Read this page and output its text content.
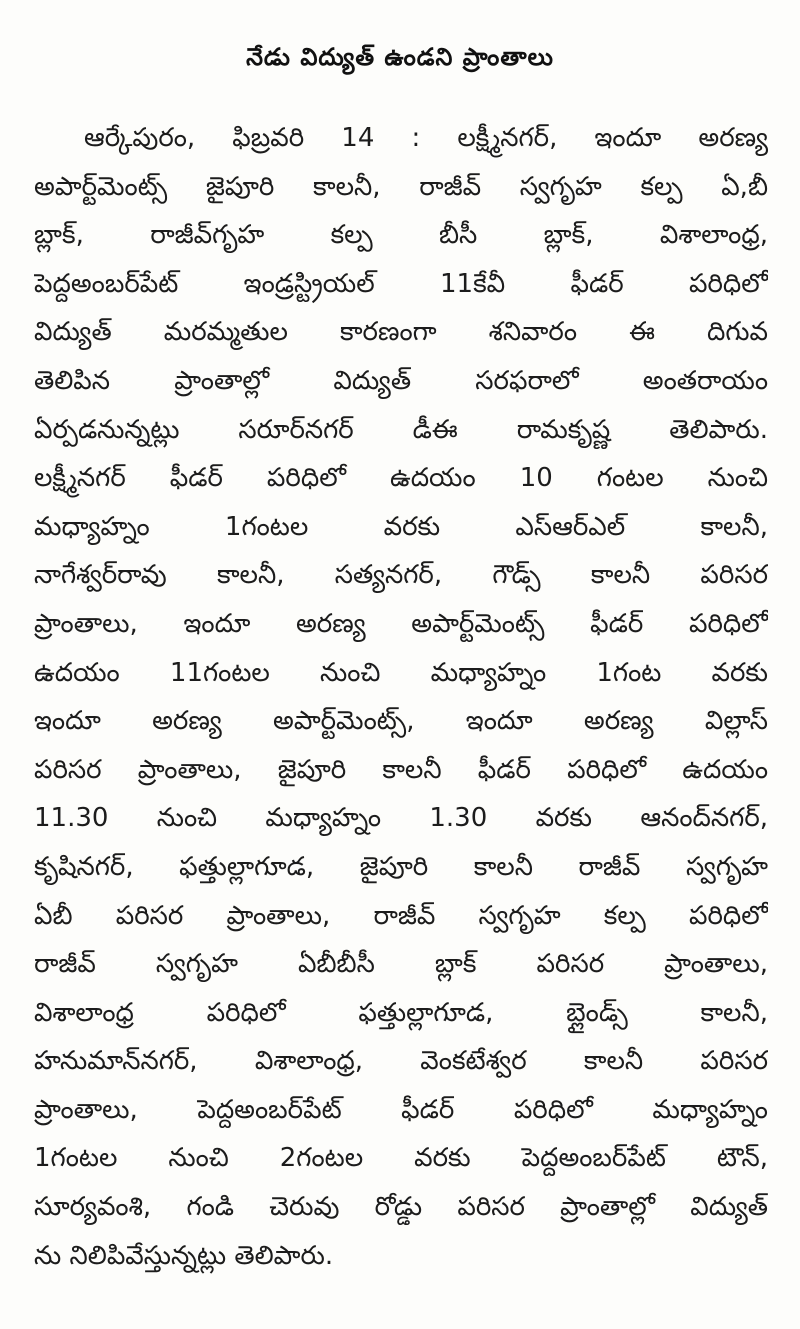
నేడు విద్యుత్ ఉండని ప్రాంతాలు
ఆర్కేపురం, ఫిబ్రవరి 14 : లక్ష్మీనగర్, ఇందూ అరణ్య
అపార్ట్‌మెంట్స్ జైపూరి కాలనీ, రాజీవ్ స్వగృహ కల్ప ఏ,బీ
బ్లాక్, రాజీవ్‌గృహ కల్ప బీసీ బ్లాక్, విశాలాంధ్ర,
పెద్దఅంబర్‌పేట్ ఇండ్రస్ట్రియల్ 11కేవీ ఫీడర్ పరిధిలో
విద్యుత్ మరమ్మతుల కారణంగా శనివారం ఈ దిగువ
తెలిపిన ప్రాంతాల్లో విద్యుత్ సరఫరాలో అంతరాయం
ఏర్పడనున్నట్లు సరూర్‌నగర్ డీఈ రామకృష్ణ తెలిపారు.
లక్ష్మీనగర్ ఫీడర్ పరిధిలో ఉదయం 10 గంటల నుంచి
మధ్యాహ్నం 1గంటల వరకు ఎస్‌ఆర్‌ఎల్ కాలనీ,
నాగేశ్వర్‌రావు కాలనీ, సత్యనగర్, గౌడ్స్ కాలనీ పరిసర
ప్రాంతాలు, ఇందూ అరణ్య అపార్ట్‌మెంట్స్ ఫీడర్ పరిధిలో
ఉదయం 11గంటల నుంచి మధ్యాహ్నం 1గంట వరకు
ఇందూ అరణ్య అపార్ట్‌మెంట్స్, ఇందూ అరణ్య విల్లాస్
పరిసర ప్రాంతాలు, జైపూరి కాలనీ ఫీడర్ పరిధిలో ఉదయం
11.30 నుంచి మధ్యాహ్నం 1.30 వరకు ఆనంద్‌నగర్,
కృషినగర్, ఫత్తుల్లాగూడ, జైపూరి కాలనీ రాజీవ్ స్వగృహ
ఏబీ పరిసర ప్రాంతాలు, రాజీవ్ స్వగృహ కల్ప పరిధిలో
రాజీవ్ స్వగృహ ఏబీబీసీ బ్లాక్ పరిసర ప్రాంతాలు,
విశాలాంధ్ర పరిధిలో ఫత్తుల్లాగూడ, బ్లైండ్స్ కాలనీ,
హనుమాన్‌నగర్, విశాలాంధ్ర, వెంకటేశ్వర కాలనీ పరిసర
ప్రాంతాలు, పెద్దఅంబర్‌పేట్ ఫీడర్ పరిధిలో మధ్యాహ్నం
1గంటల నుంచి 2గంటల వరకు పెద్దఅంబర్‌పేట్ టౌన్,
సూర్యవంశి, గండి చెరువు రోడ్డు పరిసర ప్రాంతాల్లో విద్యుత్
ను నిలిపివేస్తున్నట్లు తెలిపారు.
